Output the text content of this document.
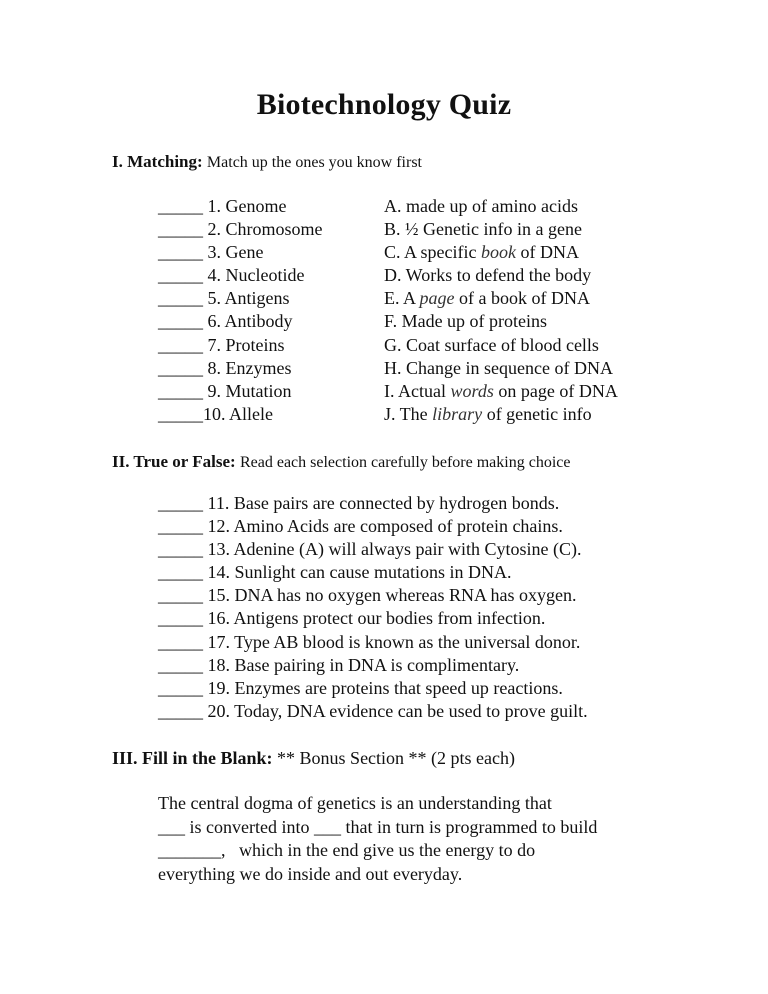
Biotechnology Quiz
I. Matching: Match up the ones you know first
_____ 1. Genome
_____ 2. Chromosome
_____ 3. Gene
_____ 4. Nucleotide
_____ 5. Antigens
_____ 6. Antibody
_____ 7. Proteins
_____ 8. Enzymes
_____ 9. Mutation
_____10. Allele
A. made up of amino acids
B. ½ Genetic info in a gene
C. A specific book of DNA
D. Works to defend the body
E. A page of a book of DNA
F. Made up of proteins
G. Coat surface of blood cells
H. Change in sequence of DNA
I. Actual words on page of DNA
J. The library of genetic info
II. True or False: Read each selection carefully before making choice
_____ 11. Base pairs are connected by hydrogen bonds.
_____ 12. Amino Acids are composed of protein chains.
_____ 13. Adenine (A) will always pair with Cytosine (C).
_____ 14. Sunlight can cause mutations in DNA.
_____ 15. DNA has no oxygen whereas RNA has oxygen.
_____ 16. Antigens protect our bodies from infection.
_____ 17. Type AB blood is known as the universal donor.
_____ 18. Base pairing in DNA is complimentary.
_____ 19. Enzymes are proteins that speed up reactions.
_____ 20. Today, DNA evidence can be used to prove guilt.
III. Fill in the Blank: ** Bonus Section ** (2 pts each)
The central dogma of genetics is an understanding that
___ is converted into ___ that in turn is programmed to build
_______,   which in the end give us the energy to do
everything we do inside and out everyday.
